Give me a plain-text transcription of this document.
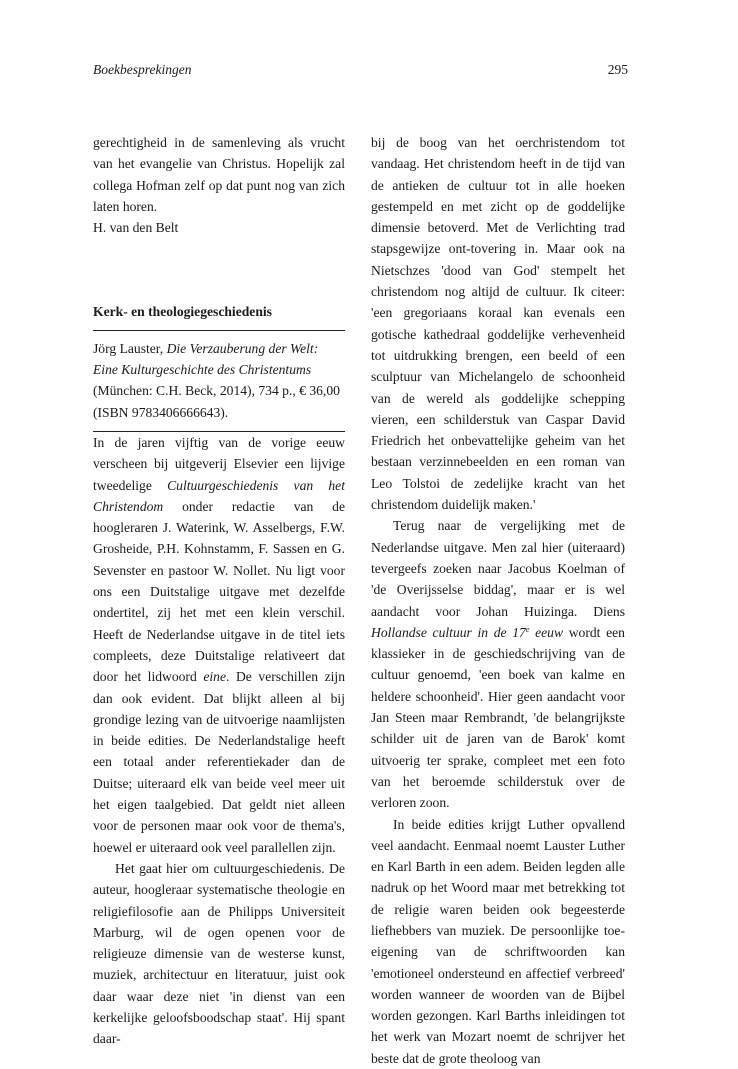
Boekbesprekingen	295

gerechtigheid in de samenleving als vrucht van het evangelie van Christus. Hopelijk zal collega Hofman zelf op dat punt nog van zich laten horen.

H. van den Belt

Kerk- en theologiegeschiedenis
Jörg Lauster, Die Verzauberung der Welt:
Eine Kulturgeschichte des Christentums
(München: C.H. Beck, 2014), 734 p., € 36,00
(ISBN 9783406666643).

In de jaren vijftig van de vorige eeuw verscheen bij uitgeverij Elsevier een lijvige tweedelige Cultuurgeschiedenis van het Christendom onder redactie van de hoogleraren J. Waterink, W. Asselbergs, F.W. Grosheide, P.H. Kohnstamm, F. Sassen en G. Sevenster en pastoor W. Nollet. Nu ligt voor ons een Duitstalige uitgave met dezelfde ondertitel, zij het met een klein verschil. Heeft de Nederlandse uitgave in de titel iets compleets, deze Duitstalige relativeert dat door het lidwoord eine. De verschillen zijn dan ook evident. Dat blijkt alleen al bij grondige lezing van de uitvoerige naamlijsten in beide edities. De Nederlandstalige heeft een totaal ander referentiekader dan de Duitse; uiteraard elk van beide veel meer uit het eigen taalgebied. Dat geldt niet alleen voor de personen maar ook voor de thema's, hoewel er uiteraard ook veel parallellen zijn.

Het gaat hier om cultuurgeschiedenis. De auteur, hoogleraar systematische theologie en religiefilosofie aan de Philipps Universiteit Marburg, wil de ogen openen voor de religieuze dimensie van de westerse kunst, muziek, architectuur en literatuur, juist ook daar waar deze niet 'in dienst van een kerkelijke geloofsboodschap staat'. Hij spant daar-

bij de boog van het oerchristendom tot vandaag. Het christendom heeft in de tijd van de antieken de cultuur tot in alle hoeken gestempeld en met zicht op de goddelijke dimensie betoverd. Met de Verlichting trad stapsgewijze ont-tovering in. Maar ook na Nietschzes 'dood van God' stempelt het christendom nog altijd de cultuur. Ik citeer: 'een gregoriaans koraal kan evenals een gotische kathedraal goddelijke verhevenheid tot uitdrukking brengen, een beeld of een sculptuur van Michelangelo de schoonheid van de wereld als goddelijke schepping vieren, een schilderstuk van Caspar David Friedrich het onbevattelijke geheim van het bestaan verzinnebeelden en een roman van Leo Tolstoi de zedelijke kracht van het christendom duidelijk maken.'

Terug naar de vergelijking met de Nederlandse uitgave. Men zal hier (uiteraard) tevergeefs zoeken naar Jacobus Koelman of 'de Overijsselse biddag', maar er is wel aandacht voor Johan Huizinga. Diens Hollandse cultuur in de 17e eeuw wordt een klassieker in de geschiedschrijving van de cultuur genoemd, 'een boek van kalme en heldere schoonheid'. Hier geen aandacht voor Jan Steen maar Rembrandt, 'de belangrijkste schilder uit de jaren van de Barok' komt uitvoerig ter sprake, compleet met een foto van het beroemde schilderstuk over de verloren zoon.

In beide edities krijgt Luther opvallend veel aandacht. Eenmaal noemt Lauster Luther en Karl Barth in een adem. Beiden legden alle nadruk op het Woord maar met betrekking tot de religie waren beiden ook begeesterde liefhebbers van muziek. De persoonlijke toe-eigening van de schriftwoorden kan 'emotioneel ondersteund en affectief verbreed' worden wanneer de woorden van de Bijbel worden gezongen. Karl Barths inleidingen tot het werk van Mozart noemt de schrijver het beste dat de grote theoloog van
